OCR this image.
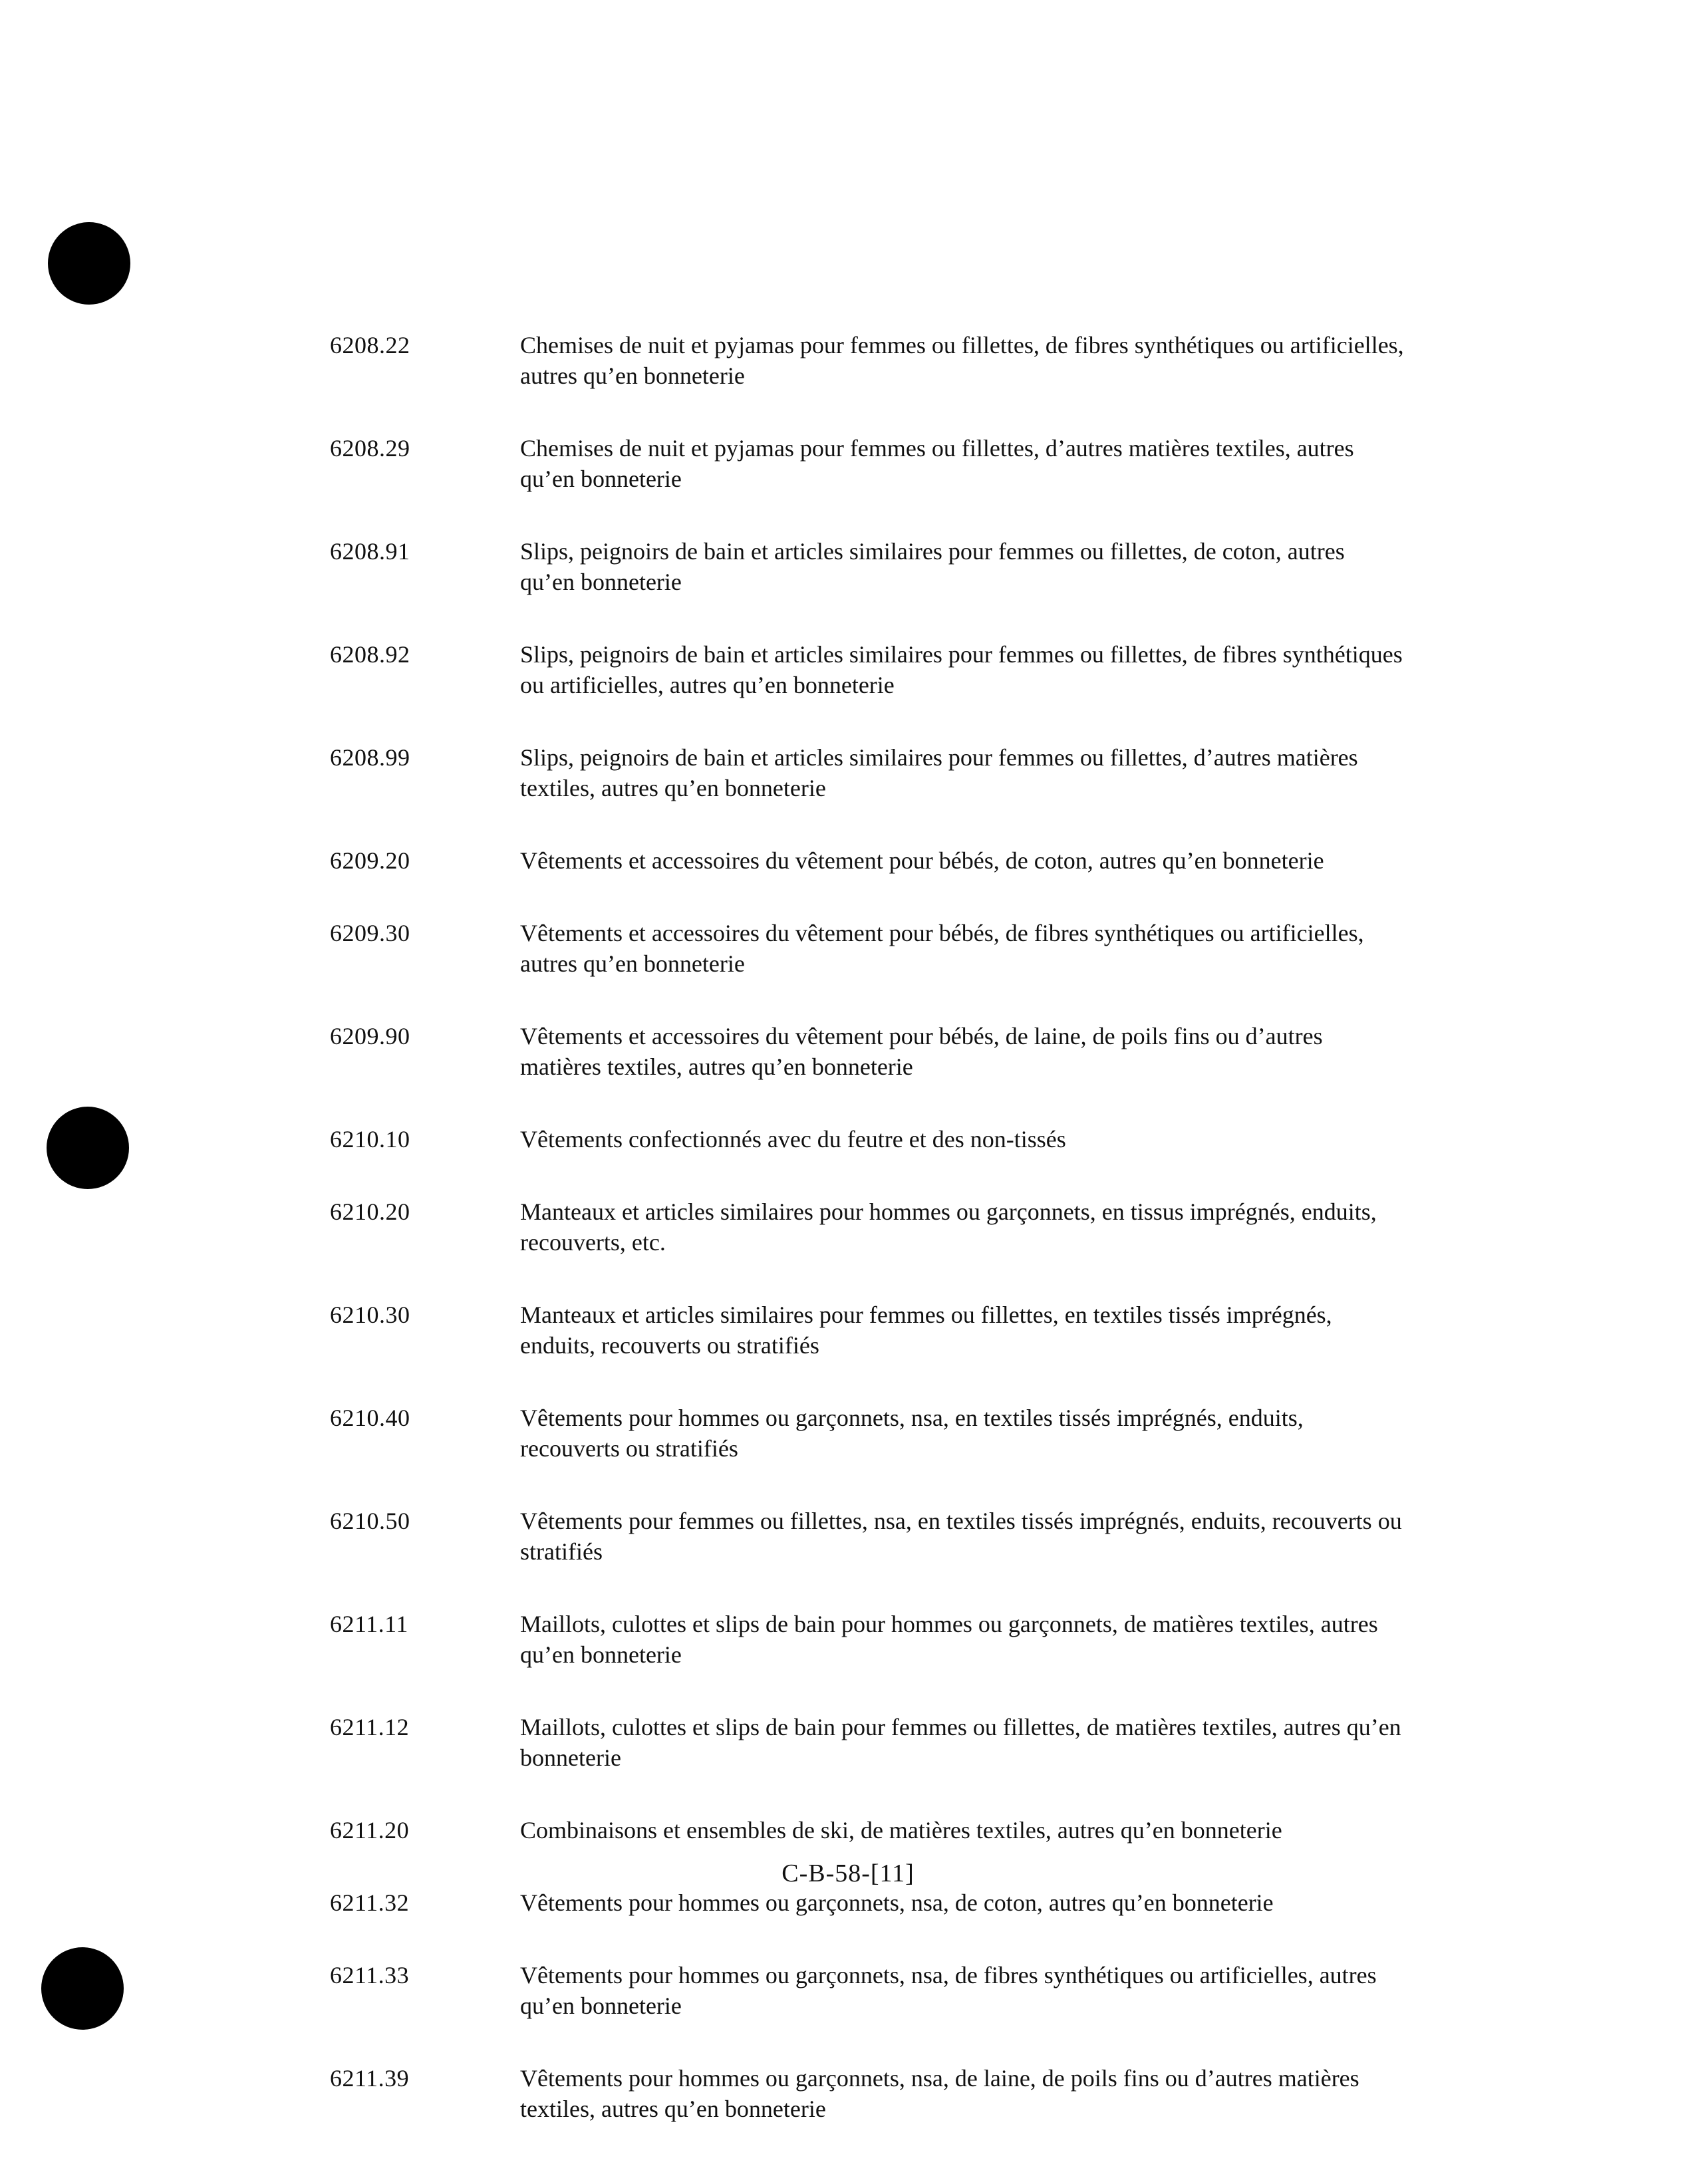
6208.22	Chemises de nuit et pyjamas pour femmes ou fillettes, de fibres synthétiques ou artificielles, autres qu’en bonneterie
6208.29	Chemises de nuit et pyjamas pour femmes ou fillettes, d’autres matières textiles, autres qu’en bonneterie
6208.91	Slips, peignoirs de bain et articles similaires pour femmes ou fillettes, de coton, autres qu’en bonneterie
6208.92	Slips, peignoirs de bain et articles similaires pour femmes ou fillettes, de fibres synthétiques ou artificielles, autres qu’en bonneterie
6208.99	Slips, peignoirs de bain et articles similaires pour femmes ou fillettes, d’autres matières textiles, autres qu’en bonneterie
6209.20	Vêtements et accessoires du vêtement pour bébés, de coton, autres qu’en bonneterie
6209.30	Vêtements et accessoires du vêtement pour bébés, de fibres synthétiques ou artificielles, autres qu’en bonneterie
6209.90	Vêtements et accessoires du vêtement pour bébés, de laine, de poils fins ou d’autres matières textiles, autres qu’en bonneterie
6210.10	Vêtements confectionnés avec du feutre et des non-tissés
6210.20	Manteaux et articles similaires pour hommes ou garçonnets, en tissus imprégnés, enduits, recouverts, etc.
6210.30	Manteaux et articles similaires pour femmes ou fillettes, en textiles tissés imprégnés, enduits, recouverts ou stratifiés
6210.40	Vêtements pour hommes ou garçonnets, nsa, en textiles tissés imprégnés, enduits, recouverts ou stratifiés
6210.50	Vêtements pour femmes ou fillettes, nsa, en textiles tissés imprégnés, enduits, recouverts ou stratifiés
6211.11	Maillots, culottes et slips de bain pour hommes ou garçonnets, de matières textiles, autres qu’en bonneterie
6211.12	Maillots, culottes et slips de bain pour femmes ou fillettes, de matières textiles, autres qu’en bonneterie
6211.20	Combinaisons et ensembles de ski, de matières textiles, autres qu’en bonneterie
6211.32	Vêtements pour hommes ou garçonnets, nsa, de coton, autres qu’en bonneterie
6211.33	Vêtements pour hommes ou garçonnets, nsa, de fibres synthétiques ou artificielles, autres qu’en bonneterie
6211.39	Vêtements pour hommes ou garçonnets, nsa, de laine, de poils fins ou d’autres matières textiles, autres qu’en bonneterie
C-B-58-[11]
